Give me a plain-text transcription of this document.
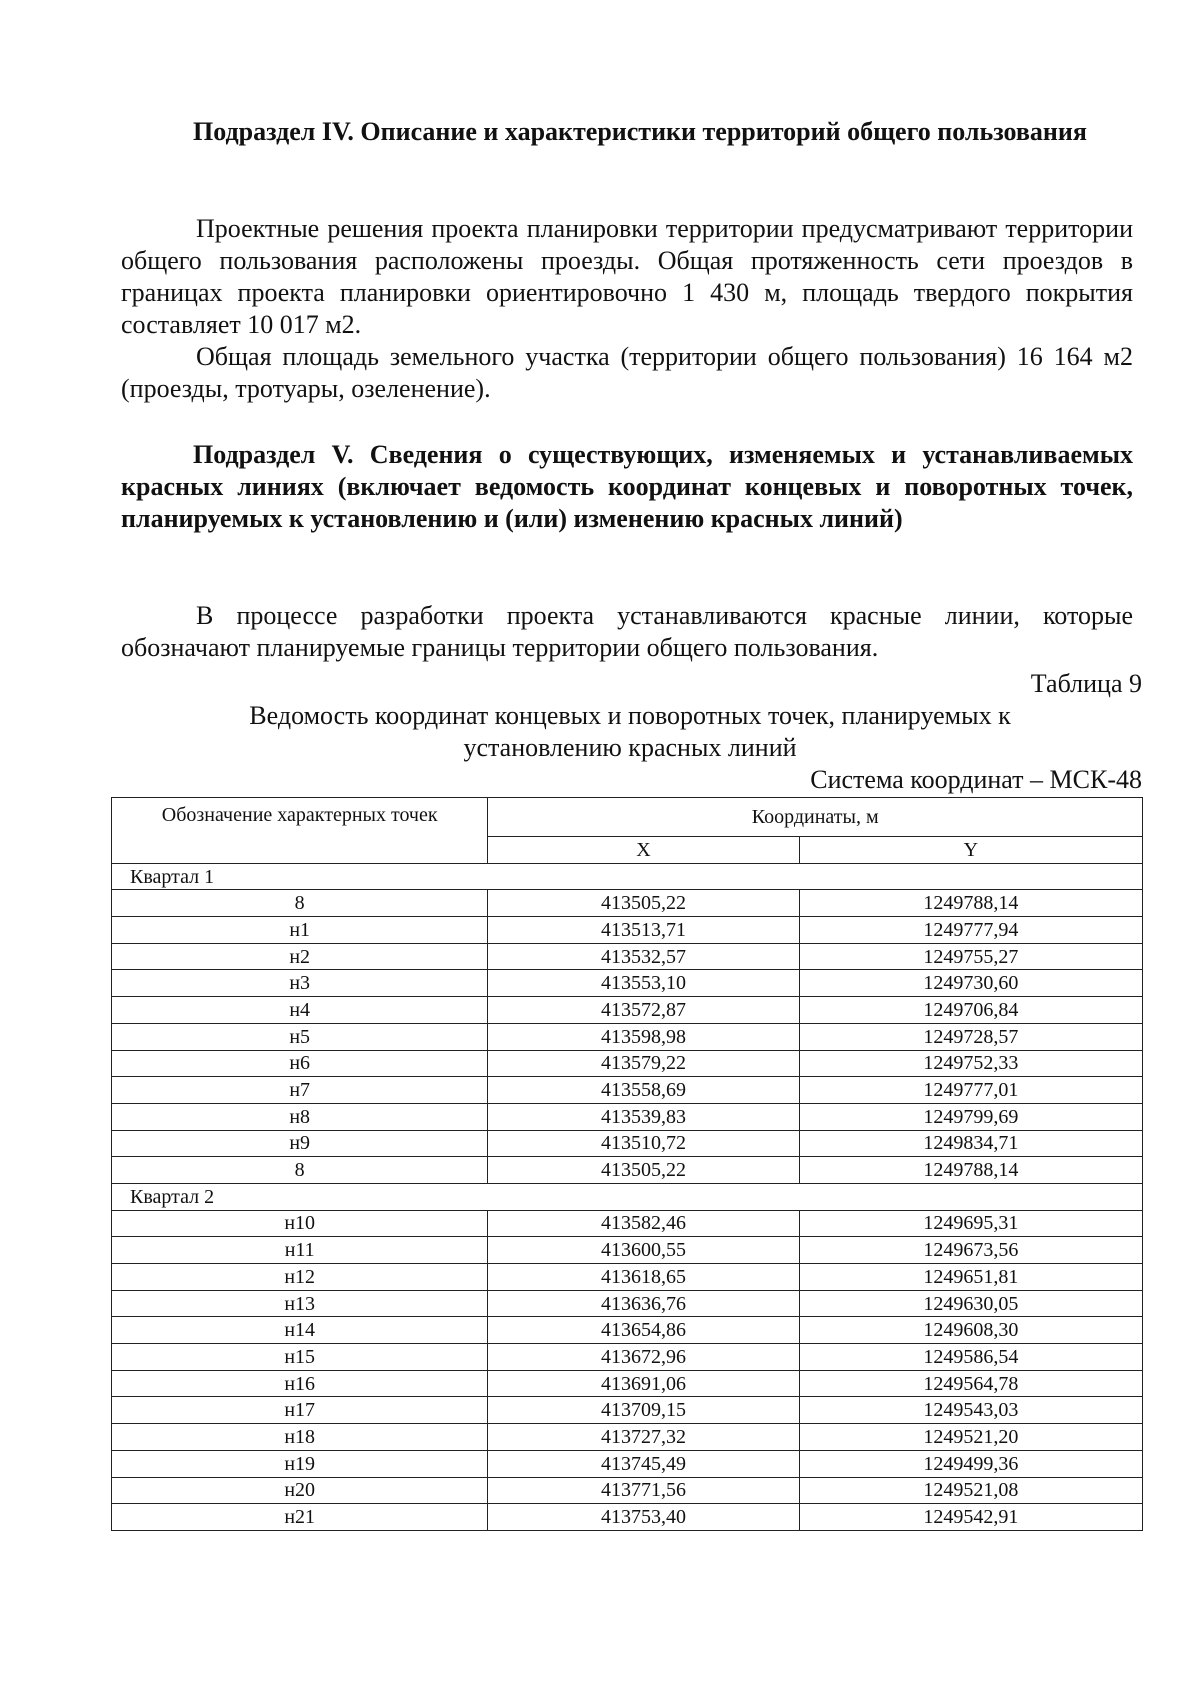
Подраздел IV. Описание и характеристики территорий общего пользования

Проектные решения проекта планировки территории предусматривают территории общего пользования расположены проезды. Общая протяженность сети проездов в границах проекта планировки ориентировочно 1 430 м, площадь твердого покрытия составляет 10 017 м2.

Общая площадь земельного участка (территории общего пользования) 16 164 м2 (проезды, тротуары, озеленение).

Подраздел V. Сведения о существующих, изменяемых и устанавливаемых красных линиях (включает ведомость координат концевых и поворотных точек, планируемых к установлению и (или) изменению красных линий)

В процессе разработки проекта устанавливаются красные линии, которые обозначают планируемые границы территории общего пользования.

Таблица 9
Ведомость координат концевых и поворотных точек, планируемых к установлению красных линий
Система координат – МСК-48
Обозначение характерных точек	Координаты, м	
	X	Y
Квартал 1		
8	413505,22	1249788,14
н1	413513,71	1249777,94
н2	413532,57	1249755,27
н3	413553,10	1249730,60
н4	413572,87	1249706,84
н5	413598,98	1249728,57
н6	413579,22	1249752,33
н7	413558,69	1249777,01
н8	413539,83	1249799,69
н9	413510,72	1249834,71
8	413505,22	1249788,14
Квартал 2		
н10	413582,46	1249695,31
н11	413600,55	1249673,56
н12	413618,65	1249651,81
н13	413636,76	1249630,05
н14	413654,86	1249608,30
н15	413672,96	1249586,54
н16	413691,06	1249564,78
н17	413709,15	1249543,03
н18	413727,32	1249521,20
н19	413745,49	1249499,36
н20	413771,56	1249521,08
н21	413753,40	1249542,91
